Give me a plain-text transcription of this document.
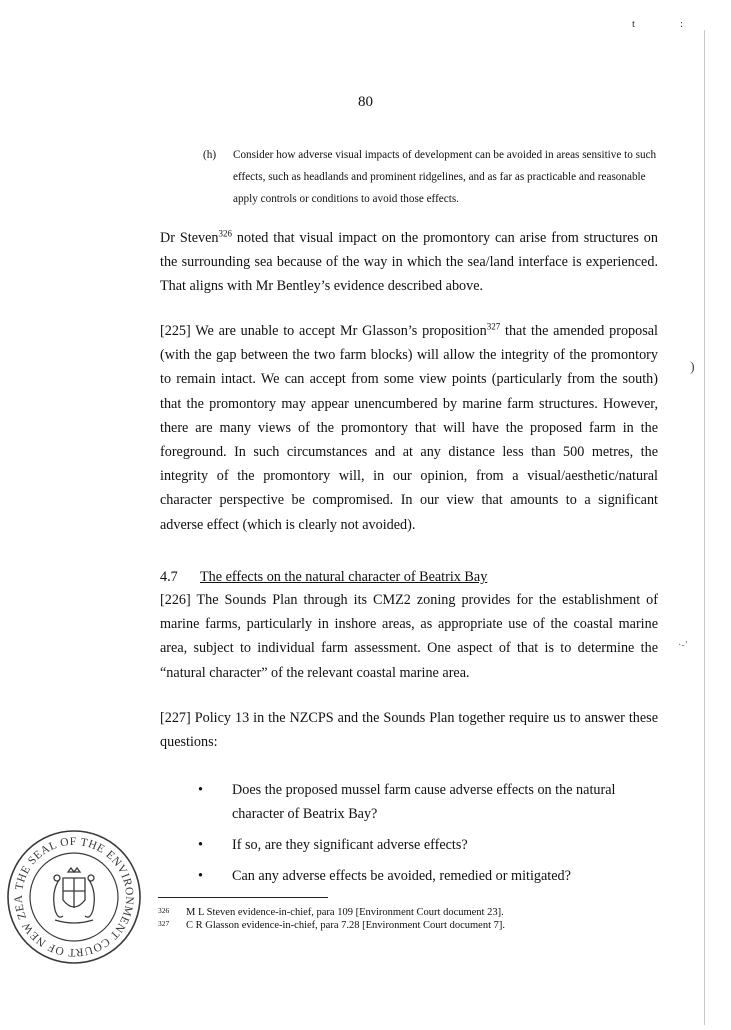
t	:
)
·-’
80
(h) Consider how adverse visual impacts of development can be avoided in areas sensitive to such effects, such as headlands and prominent ridgelines, and as far as practicable and reasonable apply controls or conditions to avoid those effects.

Dr Steven$^{326}$ noted that visual impact on the promontory can arise from structures on the surrounding sea because of the way in which the sea/land interface is experienced. That aligns with Mr Bentley’s evidence described above.

[225] We are unable to accept Mr Glasson’s proposition$^{327}$ that the amended proposal (with the gap between the two farm blocks) will allow the integrity of the promontory to remain intact. We can accept from some view points (particularly from the south) that the promontory may appear unencumbered by marine farm structures. However, there are many views of the promontory that will have the proposed farm in the foreground. In such circumstances and at any distance less than 500 metres, the integrity of the promontory will, in our opinion, from a visual/aesthetic/natural character perspective be compromised. In our view that amounts to a significant adverse effect (which is clearly not avoided).

4.7 The effects on the natural character of Beatrix Bay

[226] The Sounds Plan through its CMZ2 zoning provides for the establishment of marine farms, particularly in inshore areas, as appropriate use of the coastal marine area, subject to individual farm assessment. One aspect of that is to determine the “natural character” of the relevant coastal marine area.

[227] Policy 13 in the NZCPS and the Sounds Plan together require us to answer these questions:

• Does the proposed mussel farm cause adverse effects on the natural character of Beatrix Bay?
• If so, are they significant adverse effects?
• Can any adverse effects be avoided, remedied or mitigated?
326 M L Steven evidence-in-chief, para 109 [Environment Court document 23].
327 C R Glasson evidence-in-chief, para 7.28 [Environment Court document 7].
THE SEAL OF THE ENVIRONMENT COURT OF NEW ZEA
